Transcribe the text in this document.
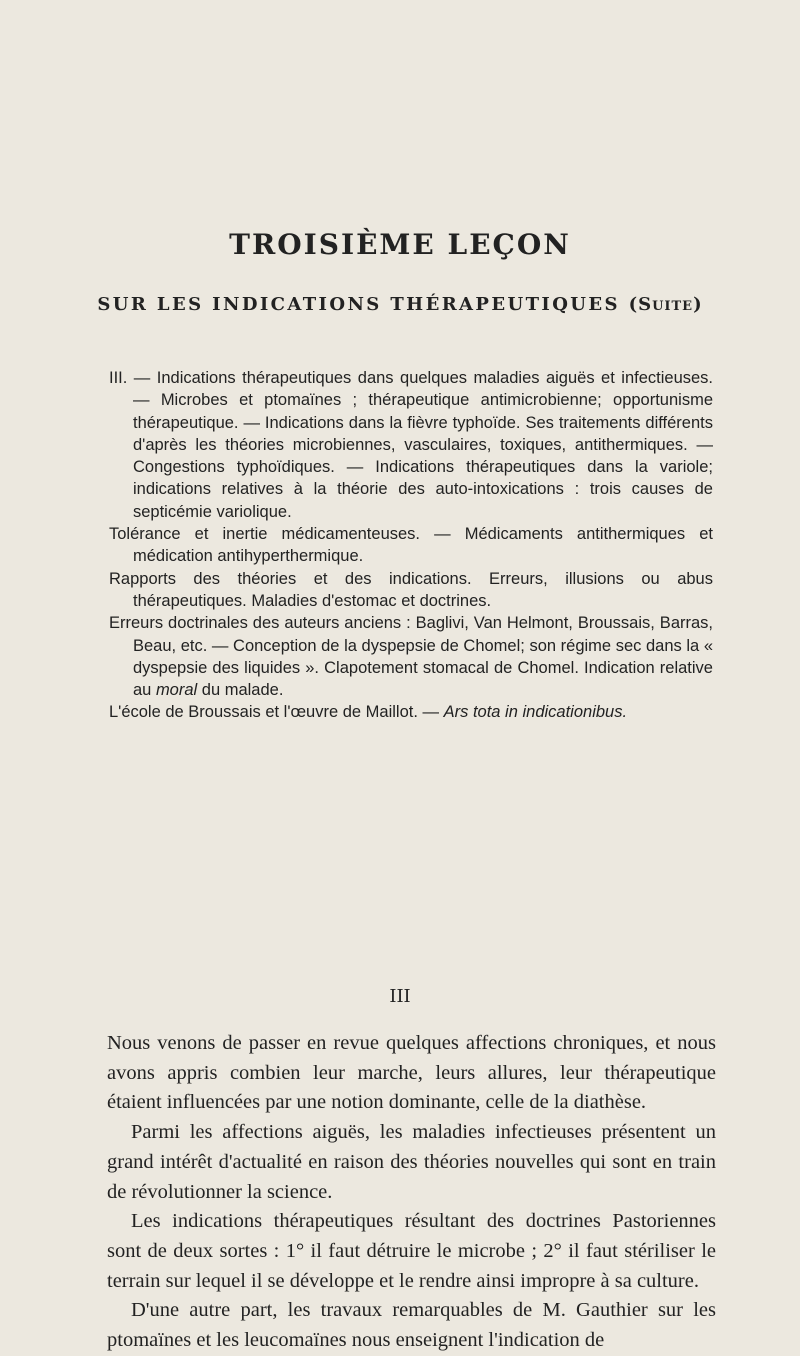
TROISIÈME LEÇON
SUR LES INDICATIONS THÉRAPEUTIQUES (Suite)

III. — Indications thérapeutiques dans quelques maladies aiguës et infectieuses. — Microbes et ptomaïnes ; thérapeutique antimicrobienne; opportunisme thérapeutique. — Indications dans la fièvre typhoïde. Ses traitements différents d'après les théories microbiennes, vasculaires, toxiques, antithermiques. — Congestions typhoïdiques. — Indications thérapeutiques dans la variole; indications relatives à la théorie des auto-intoxications : trois causes de septicémie variolique.

Tolérance et inertie médicamenteuses. — Médicaments antithermiques et médication antihyperthermique.

Rapports des théories et des indications. Erreurs, illusions ou abus thérapeutiques. Maladies d'estomac et doctrines.

Erreurs doctrinales des auteurs anciens : Baglivi, Van Helmont, Broussais, Barras, Beau, etc. — Conception de la dyspepsie de Chomel; son régime sec dans la « dyspepsie des liquides ». Clapotement stomacal de Chomel. Indication relative au moral du malade.

L'école de Broussais et l'œuvre de Maillot. — Ars tota in indicationibus.

III

Nous venons de passer en revue quelques affections chroniques, et nous avons appris combien leur marche, leurs allures, leur thérapeutique étaient influencées par une notion dominante, celle de la diathèse.

Parmi les affections aiguës, les maladies infectieuses présentent un grand intérêt d'actualité en raison des théories nouvelles qui sont en train de révolutionner la science.

Les indications thérapeutiques résultant des doctrines Pastoriennes sont de deux sortes : 1° il faut détruire le microbe ; 2° il faut stériliser le terrain sur lequel il se développe et le rendre ainsi impropre à sa culture.

D'une autre part, les travaux remarquables de M. Gauthier sur les ptomaïnes et les leucomaïnes nous enseignent l'indication de
